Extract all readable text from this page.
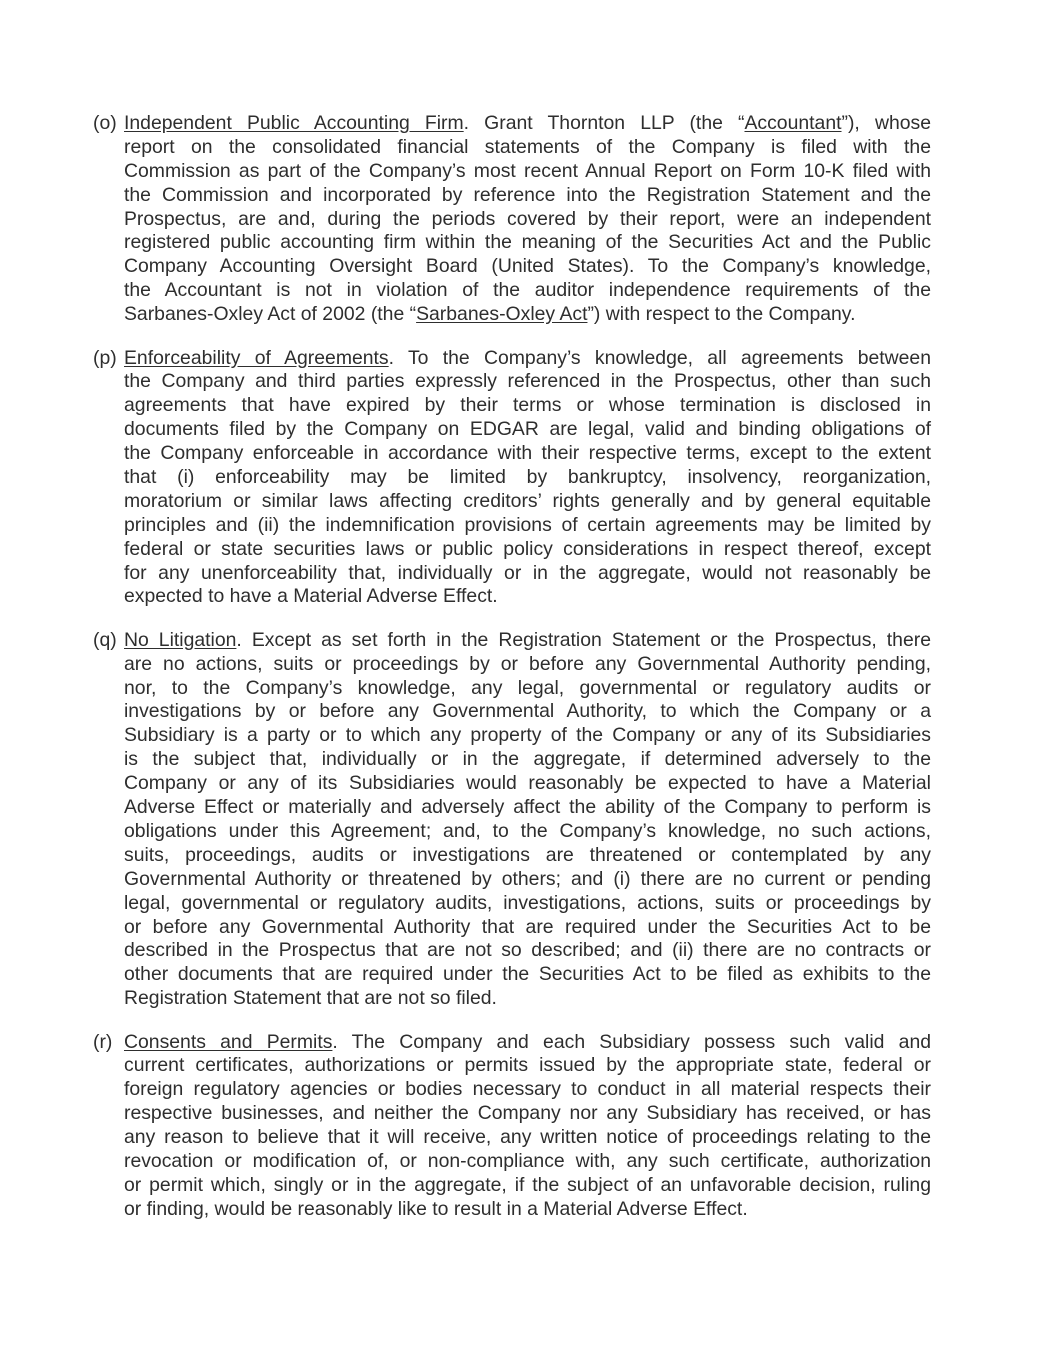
(o) Independent Public Accounting Firm. Grant Thornton LLP (the “Accountant”), whose
report on the consolidated financial statements of the Company is filed with the
Commission as part of the Company’s most recent Annual Report on Form 10-K filed with
the Commission and incorporated by reference into the Registration Statement and the
Prospectus, are and, during the periods covered by their report, were an independent
registered public accounting firm within the meaning of the Securities Act and the Public
Company Accounting Oversight Board (United States). To the Company’s knowledge,
the Accountant is not in violation of the auditor independence requirements of the
Sarbanes-Oxley Act of 2002 (the “Sarbanes-Oxley Act”) with respect to the Company.
(p) Enforceability of Agreements. To the Company’s knowledge, all agreements between
the Company and third parties expressly referenced in the Prospectus, other than such
agreements that have expired by their terms or whose termination is disclosed in
documents filed by the Company on EDGAR are legal, valid and binding obligations of
the Company enforceable in accordance with their respective terms, except to the extent
that (i) enforceability may be limited by bankruptcy, insolvency, reorganization,
moratorium or similar laws affecting creditors’ rights generally and by general equitable
principles and (ii) the indemnification provisions of certain agreements may be limited by
federal or state securities laws or public policy considerations in respect thereof, except
for any unenforceability that, individually or in the aggregate, would not reasonably be
expected to have a Material Adverse Effect.
(q) No Litigation. Except as set forth in the Registration Statement or the Prospectus, there
are no actions, suits or proceedings by or before any Governmental Authority pending,
nor, to the Company’s knowledge, any legal, governmental or regulatory audits or
investigations by or before any Governmental Authority, to which the Company or a
Subsidiary is a party or to which any property of the Company or any of its Subsidiaries
is the subject that, individually or in the aggregate, if determined adversely to the
Company or any of its Subsidiaries would reasonably be expected to have a Material
Adverse Effect or materially and adversely affect the ability of the Company to perform is
obligations under this Agreement; and, to the Company’s knowledge, no such actions,
suits, proceedings, audits or investigations are threatened or contemplated by any
Governmental Authority or threatened by others; and (i) there are no current or pending
legal, governmental or regulatory audits, investigations, actions, suits or proceedings by
or before any Governmental Authority that are required under the Securities Act to be
described in the Prospectus that are not so described; and (ii) there are no contracts or
other documents that are required under the Securities Act to be filed as exhibits to the
Registration Statement that are not so filed.
(r) Consents and Permits. The Company and each Subsidiary possess such valid and
current certificates, authorizations or permits issued by the appropriate state, federal or
foreign regulatory agencies or bodies necessary to conduct in all material respects their
respective businesses, and neither the Company nor any Subsidiary has received, or has
any reason to believe that it will receive, any written notice of proceedings relating to the
revocation or modification of, or non-compliance with, any such certificate, authorization
or permit which, singly or in the aggregate, if the subject of an unfavorable decision, ruling
or finding, would be reasonably like to result in a Material Adverse Effect.
